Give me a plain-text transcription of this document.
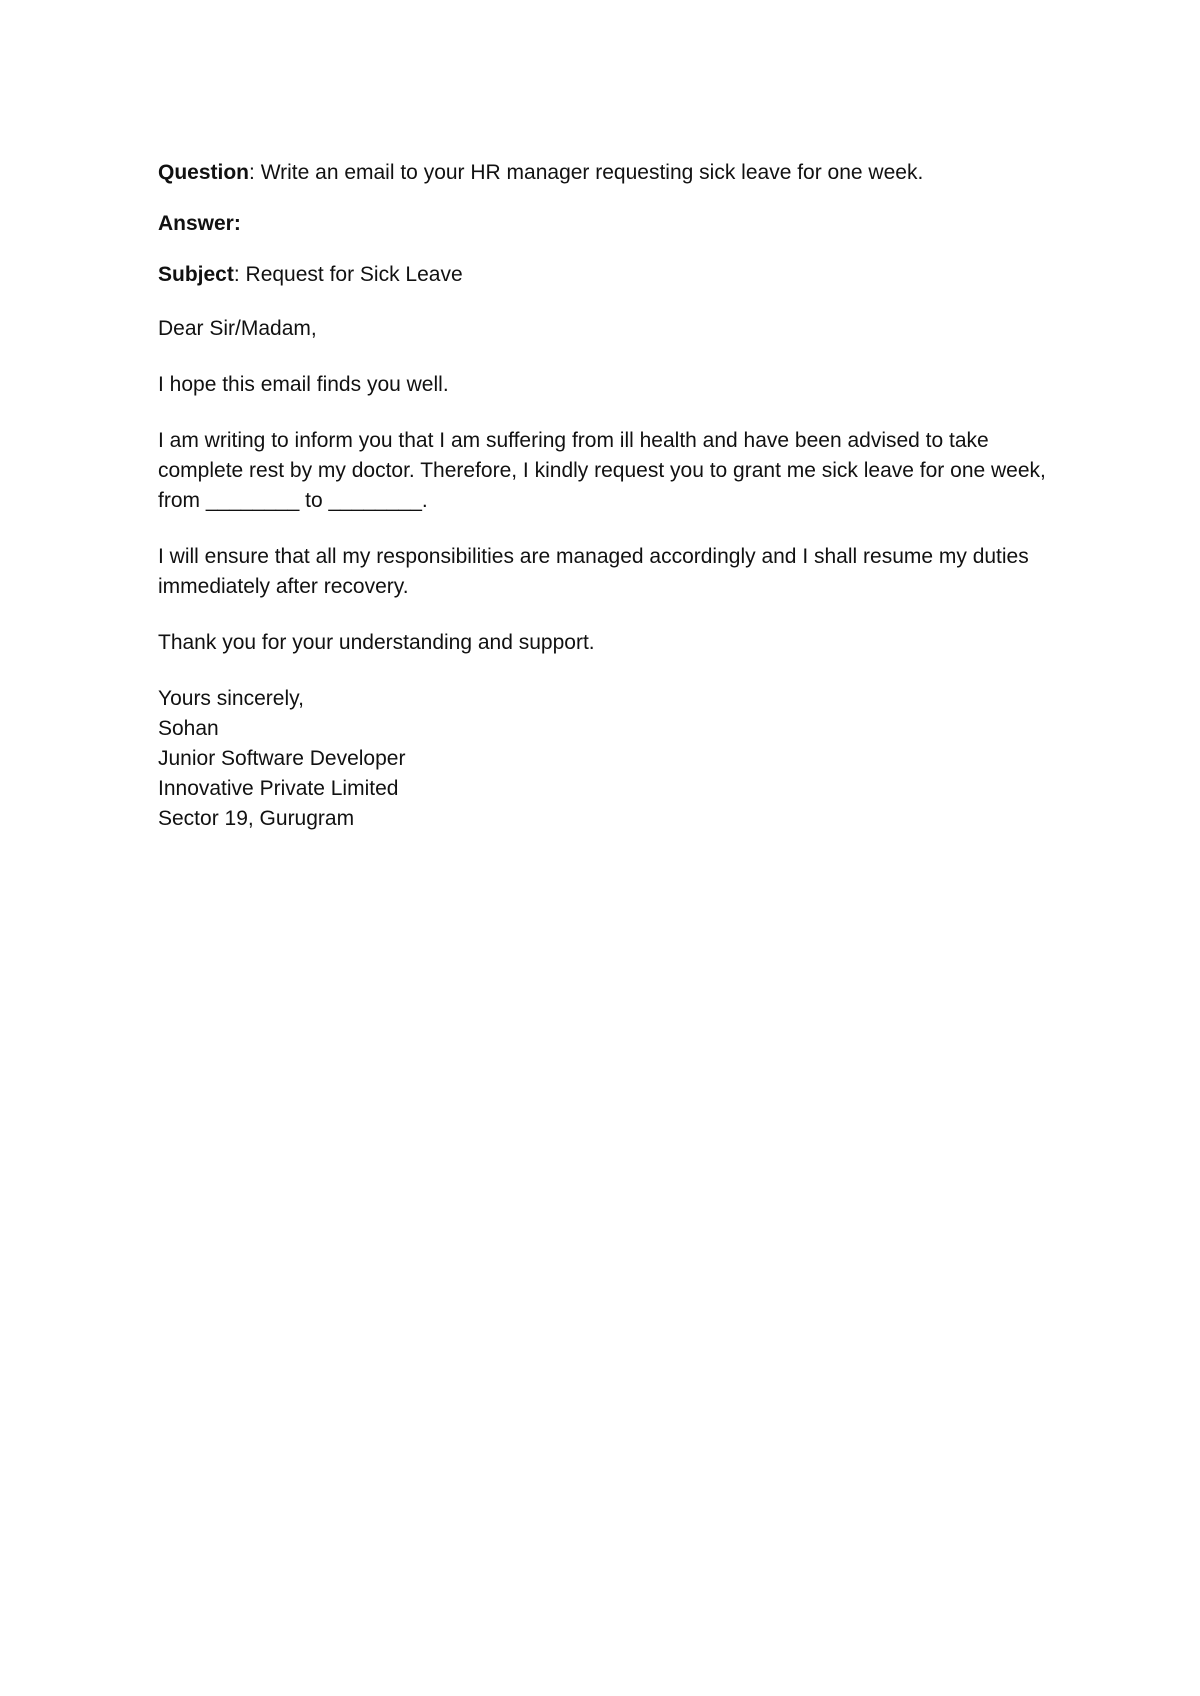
Question: Write an email to your HR manager requesting sick leave for one week.

Answer:

Subject: Request for Sick Leave

Dear Sir/Madam,

I hope this email finds you well.

I am writing to inform you that I am suffering from ill health and have been advised to take complete rest by my doctor. Therefore, I kindly request you to grant me sick leave for one week, from ________ to ________.

I will ensure that all my responsibilities are managed accordingly and I shall resume my duties immediately after recovery.

Thank you for your understanding and support.

Yours sincerely,
Sohan
Junior Software Developer
Innovative Private Limited
Sector 19, Gurugram
